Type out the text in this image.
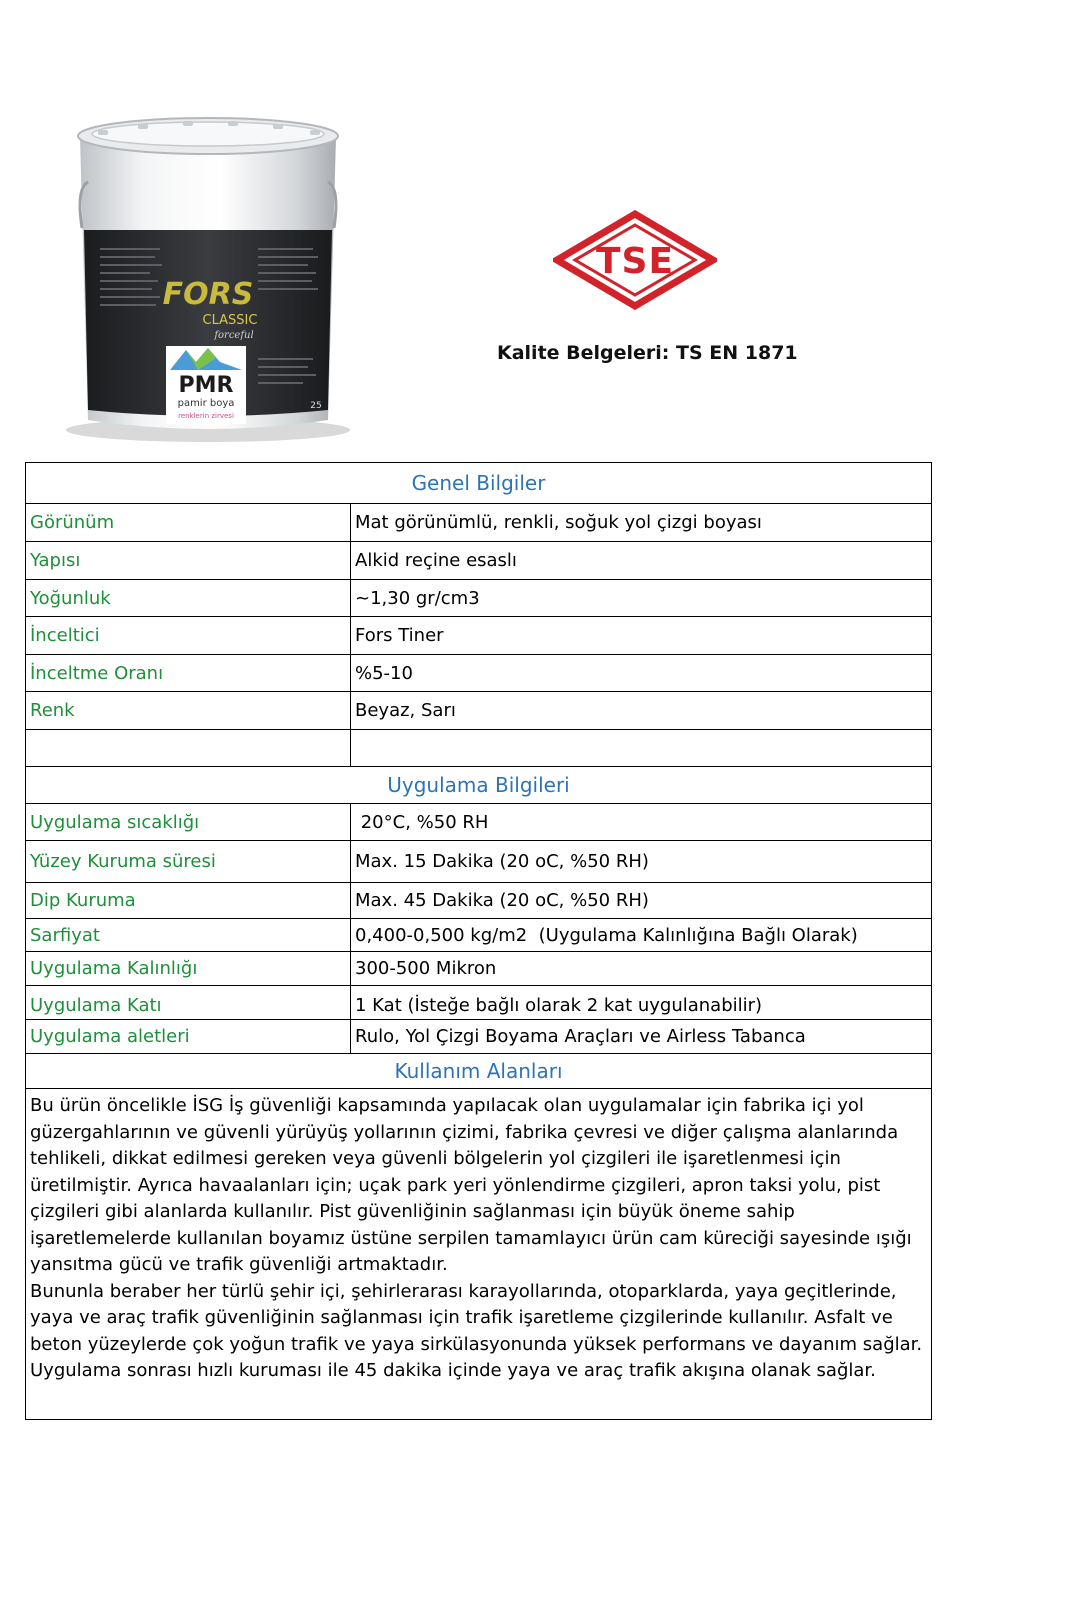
FORS
CLASSIC
forceful
PMR
pamir boya
renklerin zirvesi
25
TSE
Kalite Belgeleri: TS EN 1871
Genel Bilgiler
Görünüm	Mat görünümlü, renkli, soğuk yol çizgi boyası
Yapısı	Alkid reçine esaslı
Yoğunluk	~1,30 gr/cm3
İnceltici	Fors Tiner
İnceltme Oranı	%5-10
Renk	Beyaz, Sarı
Uygulama Bilgileri
Uygulama sıcaklığı	20°C, %50 RH
Yüzey Kuruma süresi	Max. 15 Dakika (20 oC, %50 RH)
Dip Kuruma	Max. 45 Dakika (20 oC, %50 RH)
Sarfiyat	0,400-0,500 kg/m2  (Uygulama Kalınlığına Bağlı Olarak)
Uygulama Kalınlığı	300-500 Mikron
Uygulama Katı	1 Kat (İsteğe bağlı olarak 2 kat uygulanabilir)
Uygulama aletleri	Rulo, Yol Çizgi Boyama Araçları ve Airless Tabanca
Kullanım Alanları

Bu ürün öncelikle İSG İş güvenliği kapsamında yapılacak olan uygulamalar için fabrika içi yol güzergahlarının ve güvenli yürüyüş yollarının çizimi, fabrika çevresi ve diğer çalışma alanlarında tehlikeli, dikkat edilmesi gereken veya güvenli bölgelerin yol çizgileri ile işaretlenmesi için üretilmiştir. Ayrıca havaalanları için; uçak park yeri yönlendirme çizgileri, apron taksi yolu, pist çizgileri gibi alanlarda kullanılır. Pist güvenliğinin sağlanması için büyük öneme sahip işaretlemelerde kullanılan boyamız üstüne serpilen tamamlayıcı ürün cam küreciği sayesinde ışığı yansıtma gücü ve trafik güvenliği artmaktadır.

Bununla beraber her türlü şehir içi, şehirlerarası karayollarında, otoparklarda, yaya geçitlerinde, yaya ve araç trafik güvenliğinin sağlanması için trafik işaretleme çizgilerinde kullanılır. Asfalt ve beton yüzeylerde çok yoğun trafik ve yaya sirkülasyonunda yüksek performans ve dayanım sağlar. Uygulama sonrası hızlı kuruması ile 45 dakika içinde yaya ve araç trafik akışına olanak sağlar.
